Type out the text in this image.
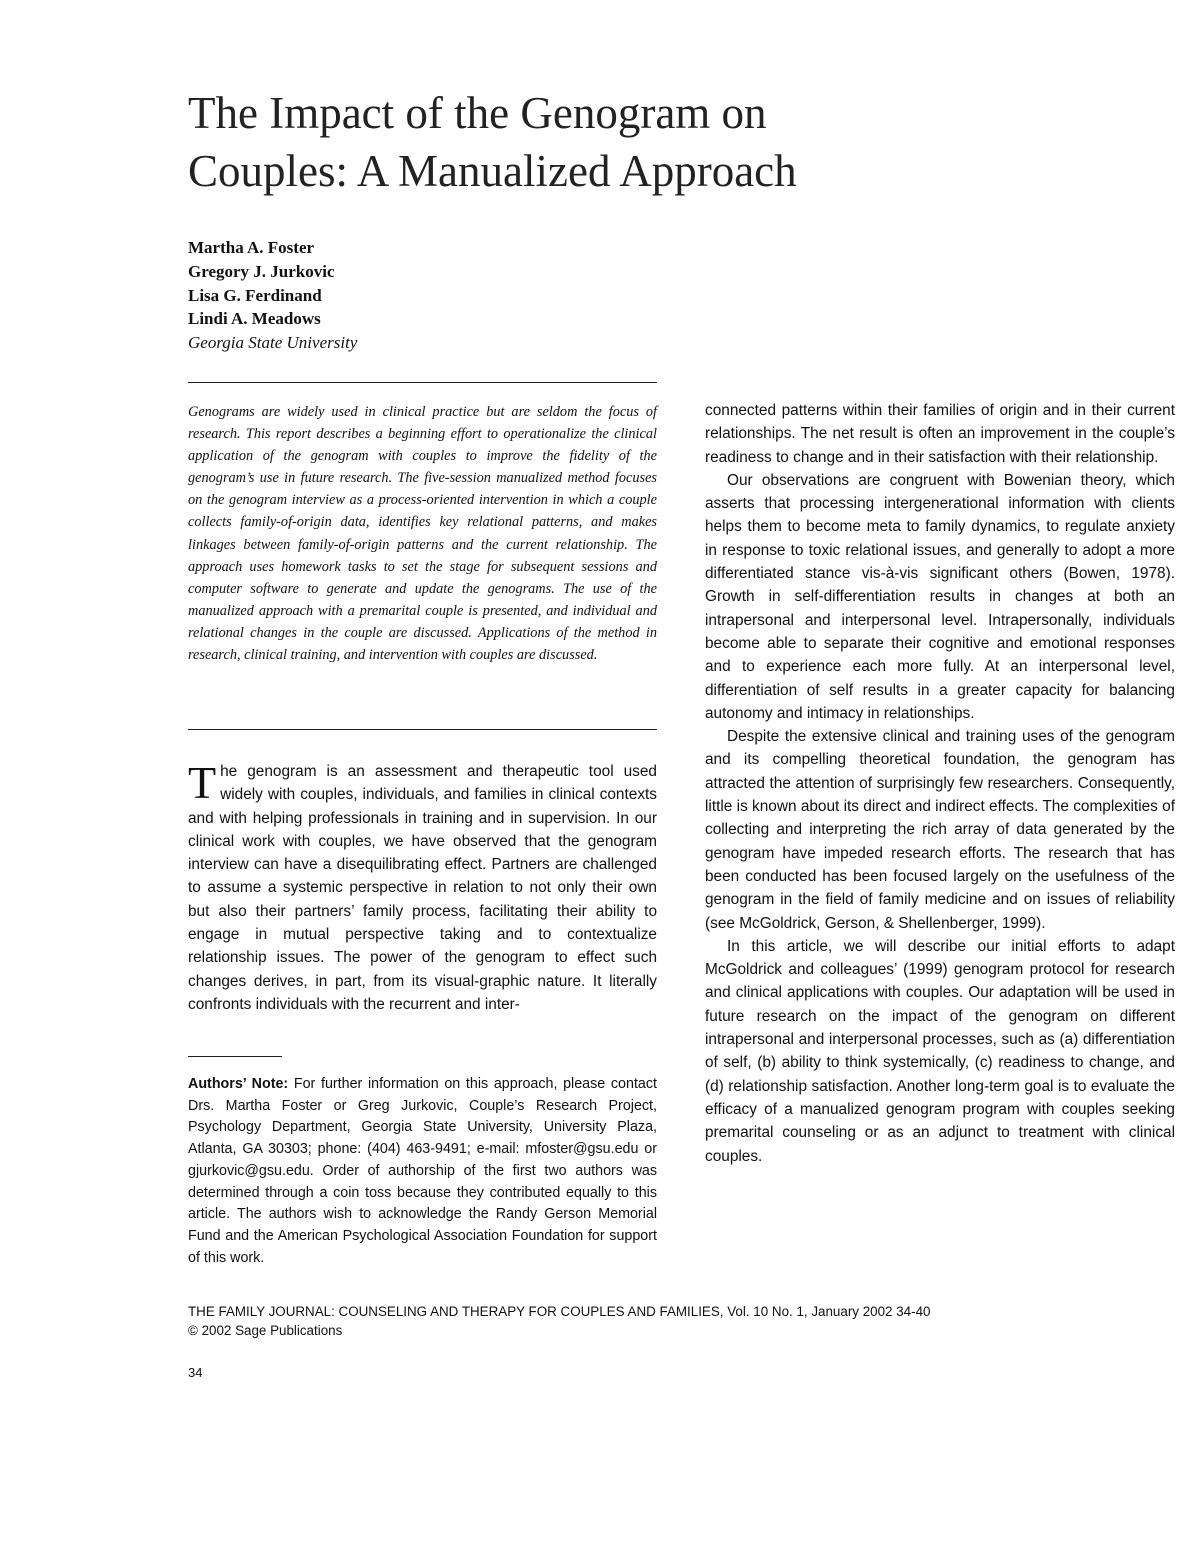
The Impact of the Genogram on
Couples: A Manualized Approach
Martha A. Foster
Gregory J. Jurkovic
Lisa G. Ferdinand
Lindi A. Meadows
Georgia State University
Genograms are widely used in clinical practice but are seldom the focus of research. This report describes a beginning effort to operationalize the clinical application of the genogram with couples to improve the fidelity of the genogram’s use in future research. The five-session manualized method focuses on the genogram interview as a process-oriented intervention in which a couple collects family-of-origin data, identifies key relational patterns, and makes linkages between family-of-origin patterns and the current relationship. The approach uses homework tasks to set the stage for subsequent sessions and computer software to generate and update the genograms. The use of the manualized approach with a premarital couple is presented, and individual and relational changes in the couple are discussed. Applications of the method in research, clinical training, and intervention with couples are discussed.

The genogram is an assessment and therapeutic tool used widely with couples, individuals, and families in clinical contexts and with helping professionals in training and in supervision. In our clinical work with couples, we have observed that the genogram interview can have a disequilibrating effect. Partners are challenged to assume a systemic perspective in relation to not only their own but also their partners’ family process, facilitating their ability to engage in mutual perspective taking and to contextualize relationship issues. The power of the genogram to effect such changes derives, in part, from its visual-graphic nature. It literally confronts individuals with the recurrent and inter-

Authors’ Note: For further information on this approach, please contact Drs. Martha Foster or Greg Jurkovic, Couple’s Research Project, Psychology Department, Georgia State University, University Plaza, Atlanta, GA 30303; phone: (404) 463-9491; e-mail: mfoster@gsu.edu or gjurkovic@gsu.edu. Order of authorship of the first two authors was determined through a coin toss because they contributed equally to this article. The authors wish to acknowledge the Randy Gerson Memorial Fund and the American Psychological Association Foundation for support of this work.

connected patterns within their families of origin and in their current relationships. The net result is often an improvement in the couple’s readiness to change and in their satisfaction with their relationship.

Our observations are congruent with Bowenian theory, which asserts that processing intergenerational information with clients helps them to become meta to family dynamics, to regulate anxiety in response to toxic relational issues, and generally to adopt a more differentiated stance vis-à-vis significant others (Bowen, 1978). Growth in self-differentiation results in changes at both an intrapersonal and interpersonal level. Intrapersonally, individuals become able to separate their cognitive and emotional responses and to experience each more fully. At an interpersonal level, differentiation of self results in a greater capacity for balancing autonomy and intimacy in relationships.

Despite the extensive clinical and training uses of the genogram and its compelling theoretical foundation, the genogram has attracted the attention of surprisingly few researchers. Consequently, little is known about its direct and indirect effects. The complexities of collecting and interpreting the rich array of data generated by the genogram have impeded research efforts. The research that has been conducted has been focused largely on the usefulness of the genogram in the field of family medicine and on issues of reliability (see McGoldrick, Gerson, & Shellenberger, 1999).

In this article, we will describe our initial efforts to adapt McGoldrick and colleagues’ (1999) genogram protocol for research and clinical applications with couples. Our adaptation will be used in future research on the impact of the genogram on different intrapersonal and interpersonal processes, such as (a) differentiation of self, (b) ability to think systemically, (c) readiness to change, and (d) relationship satisfaction. Another long-term goal is to evaluate the efficacy of a manualized genogram program with couples seeking premarital counseling or as an adjunct to treatment with clinical couples.

THE FAMILY JOURNAL: COUNSELING AND THERAPY FOR COUPLES AND FAMILIES, Vol. 10 No. 1, January 2002 34-40
© 2002 Sage Publications
34
